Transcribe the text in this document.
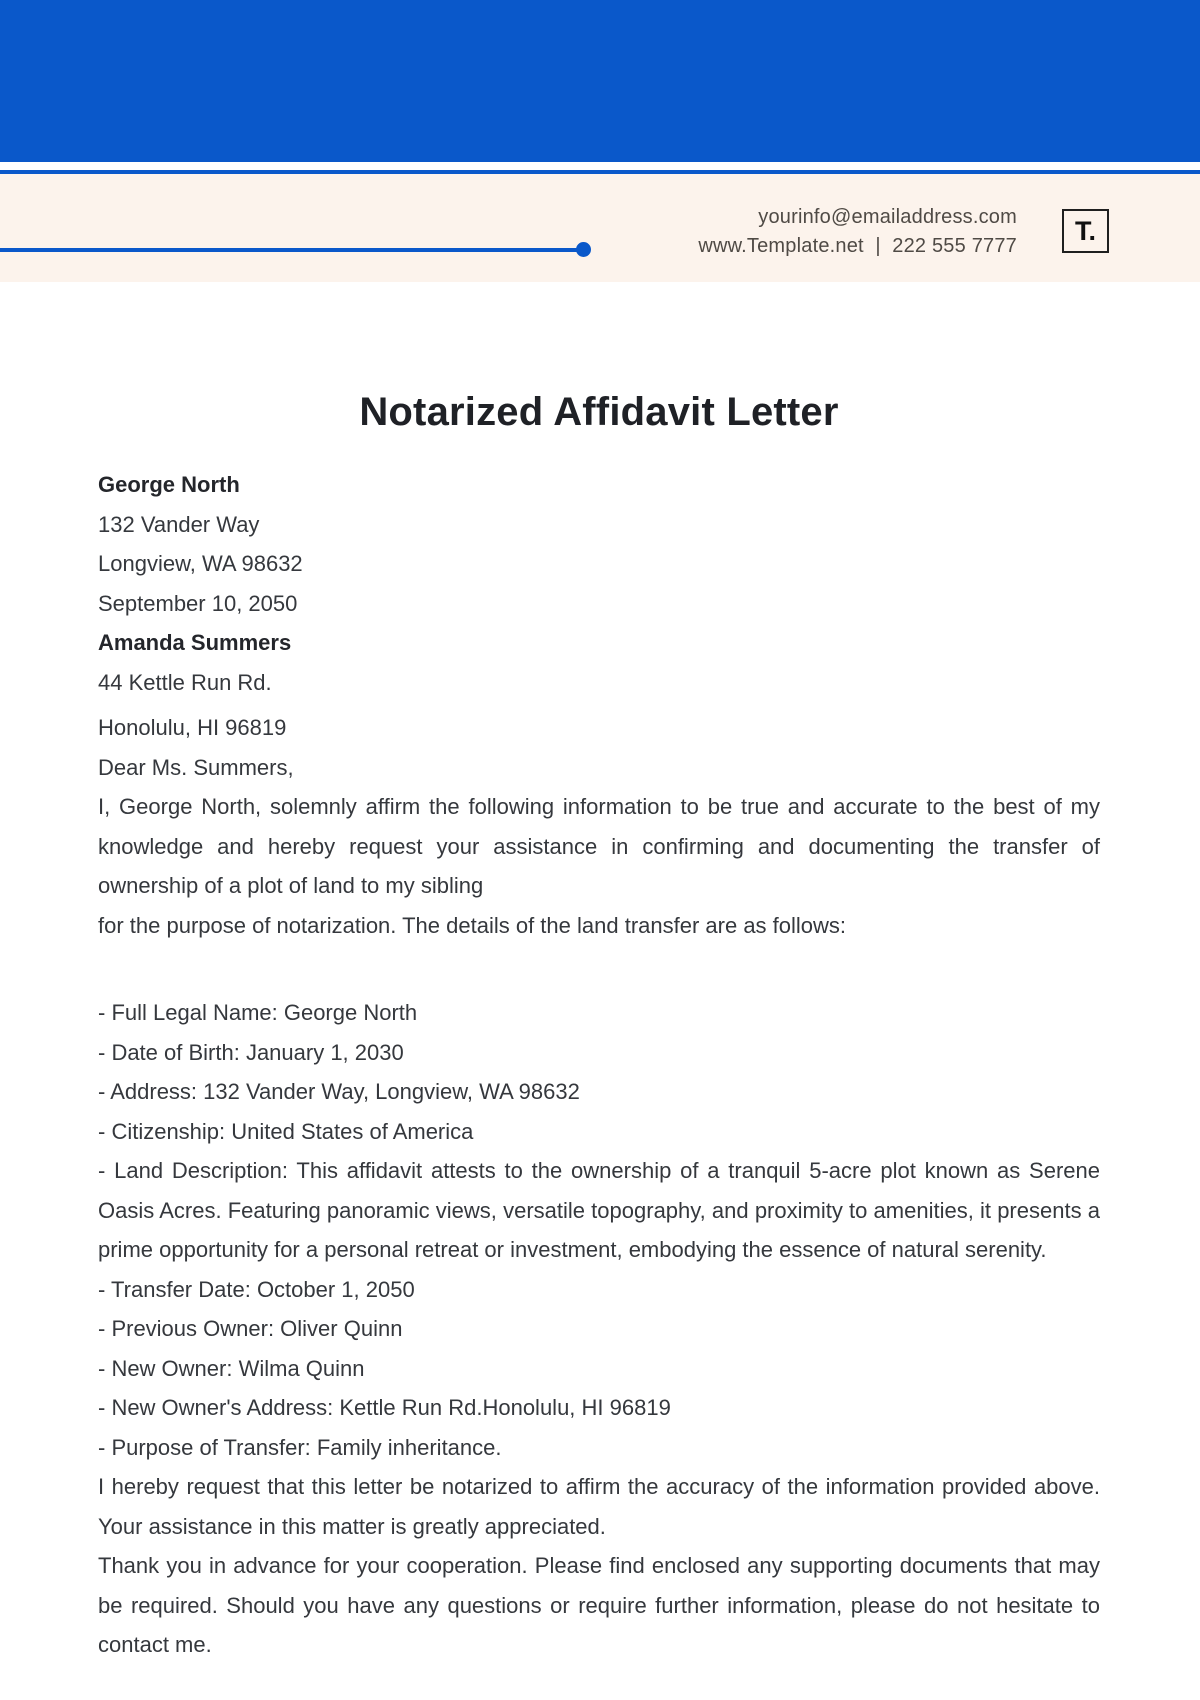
yourinfo@emailaddress.com
www.Template.net | 222 555 7777
T.
Notarized Affidavit Letter
George North
132 Vander Way
Longview, WA 98632
September 10, 2050
Amanda Summers
44 Kettle Run Rd.
Honolulu, HI 96819
Dear Ms. Summers,

I, George North, solemnly affirm the following information to be true and accurate to the best of my knowledge and hereby request your assistance in confirming and documenting the transfer of ownership of a plot of land to my sibling

for the purpose of notarization. The details of the land transfer are as follows:

- Full Legal Name: George North
- Date of Birth: January 1, 2030
- Address: 132 Vander Way, Longview, WA 98632
- Citizenship: United States of America
- Land Description: This affidavit attests to the ownership of a tranquil 5-acre plot known as Serene Oasis Acres. Featuring panoramic views, versatile topography, and proximity to amenities, it presents a prime opportunity for a personal retreat or investment, embodying the essence of natural serenity.
- Transfer Date: October 1, 2050
- Previous Owner: Oliver Quinn
- New Owner: Wilma Quinn
- New Owner's Address: Kettle Run Rd.Honolulu, HI 96819
- Purpose of Transfer: Family inheritance.

I hereby request that this letter be notarized to affirm the accuracy of the information provided above. Your assistance in this matter is greatly appreciated.

Thank you in advance for your cooperation. Please find enclosed any supporting documents that may be required. Should you have any questions or require further information, please do not hesitate to contact me.
